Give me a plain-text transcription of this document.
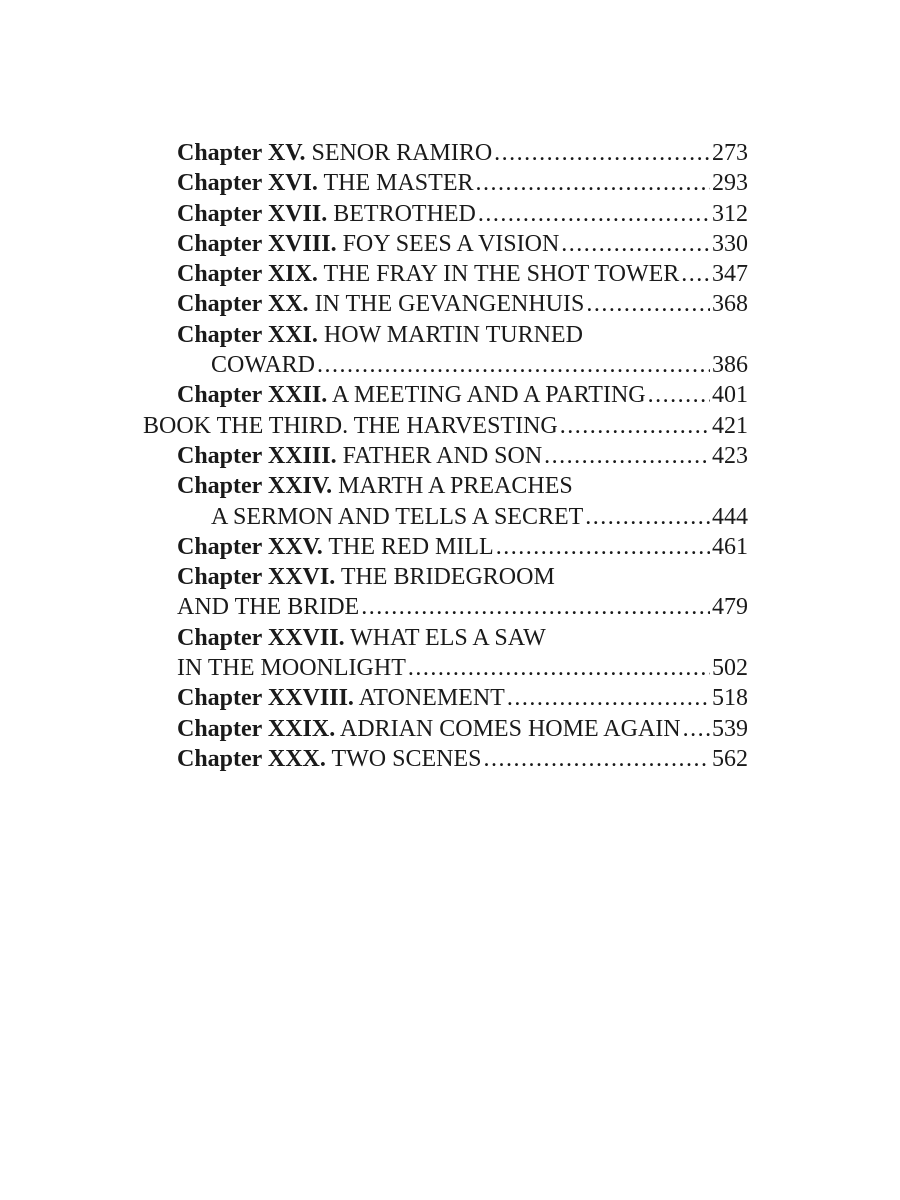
Chapter XV. SENOR RAMIRO .....	273
Chapter XVI. THE MASTER .....	293
Chapter XVII. BETROTHED .....	312
Chapter XVIII. FOY SEES A VISION .....	330
Chapter XIX. THE FRAY IN THE SHOT TOWER ..... 347
Chapter XX. IN THE GEVANGENHUIS .....	368
Chapter XXI. HOW MARTIN TURNED
COWARD .....	386
Chapter XXII. A MEETING AND A PARTING .....	401
BOOK THE THIRD. THE HARVESTING .....	421
Chapter XXIII. FATHER AND SON .....	423
Chapter XXIV. MARTH A PREACHES
A SERMON AND TELLS A SECRET .....	444
Chapter XXV. THE RED MILL .....	461
Chapter XXVI. THE BRIDEGROOM
AND THE BRIDE .....	479
Chapter XXVII. WHAT ELS A SAW
IN THE MOONLIGHT .....	502
Chapter XXVIII. ATONEMENT .....	518
Chapter XXIX. ADRIAN COMES HOME AGAIN ..... 539
Chapter XXX. TWO SCENES .....	562
